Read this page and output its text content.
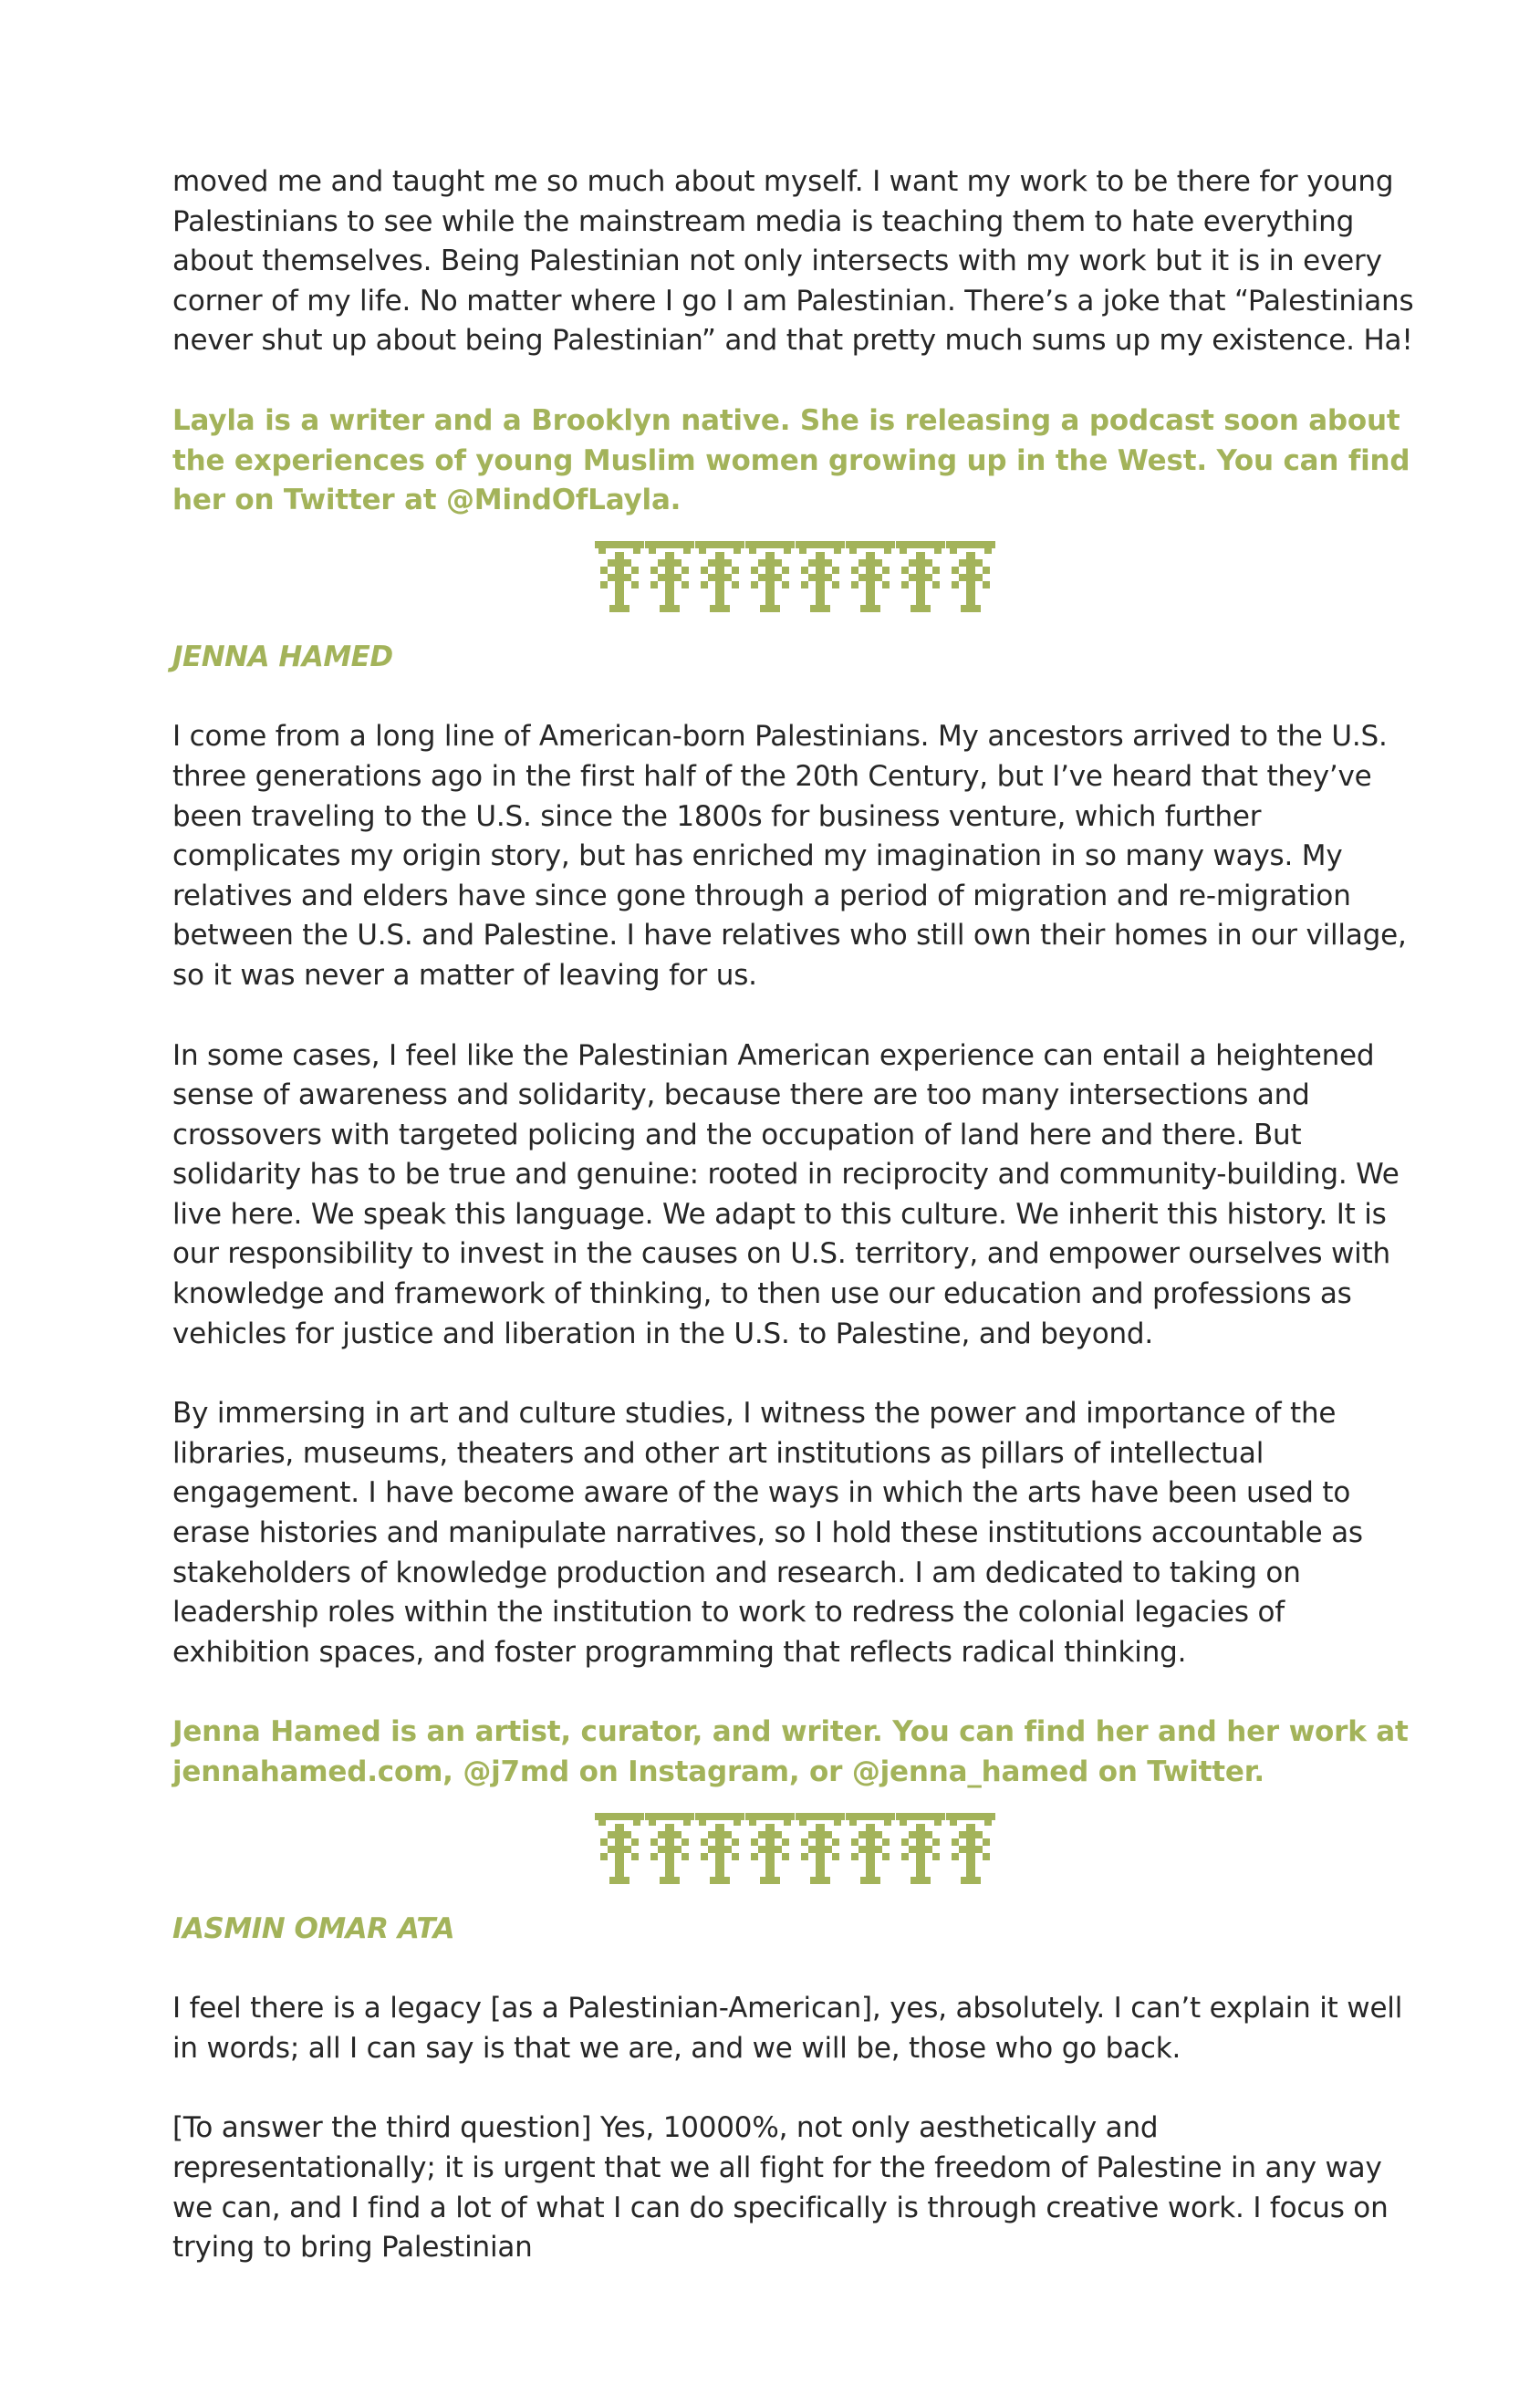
moved me and taught me so much about myself. I want my work to be there for young Palestinians to see while the mainstream media is teaching them to hate everything about themselves. Being Palestinian not only intersects with my work but it is in every corner of my life. No matter where I go I am Palestinian. There’s a joke that “Palestinians never shut up about being Palestinian” and that pretty much sums up my existence. Ha!

Layla is a writer and a Brooklyn native. She is releasing a podcast soon about the experiences of young Muslim women growing up in the West. You can find her on Twitter at @MindOfLayla.

JENNA HAMED

I come from a long line of American-born Palestinians. My ancestors arrived to the U.S. three generations ago in the first half of the 20th Century, but I’ve heard that they’ve been traveling to the U.S. since the 1800s for business venture, which further complicates my origin story, but has enriched my imagination in so many ways. My relatives and elders have since gone through a period of migration and re-migration between the U.S. and Palestine. I have relatives who still own their homes in our village, so it was never a matter of leaving for us.

In some cases, I feel like the Palestinian American experience can entail a heightened sense of awareness and solidarity, because there are too many intersections and crossovers with targeted policing and the occupation of land here and there. But solidarity has to be true and genuine: rooted in reciprocity and community-building. We live here. We speak this language. We adapt to this culture. We inherit this history. It is our responsibility to invest in the causes on U.S. territory, and empower ourselves with knowledge and framework of thinking, to then use our education and professions as vehicles for justice and liberation in the U.S. to Palestine, and beyond.

By immersing in art and culture studies, I witness the power and importance of the libraries, museums, theaters and other art institutions as pillars of intellectual engagement. I have become aware of the ways in which the arts have been used to erase histories and manipulate narratives, so I hold these institutions accountable as stakeholders of knowledge production and research. I am dedicated to taking on leadership roles within the institution to work to redress the colonial legacies of exhibition spaces, and foster programming that reflects radical thinking.

Jenna Hamed is an artist, curator, and writer. You can find her and her work at jennahamed.com, @j7md on Instagram, or @jenna_hamed on Twitter.

IASMIN OMAR ATA

I feel there is a legacy [as a Palestinian-American], yes, absolutely. I can’t explain it well in words; all I can say is that we are, and we will be, those who go back.

[To answer the third question] Yes, 10000%, not only aesthetically and representationally; it is urgent that we all fight for the freedom of Palestine in any way we can, and I find a lot of what I can do specifically is through creative work. I focus on trying to bring Palestinian
